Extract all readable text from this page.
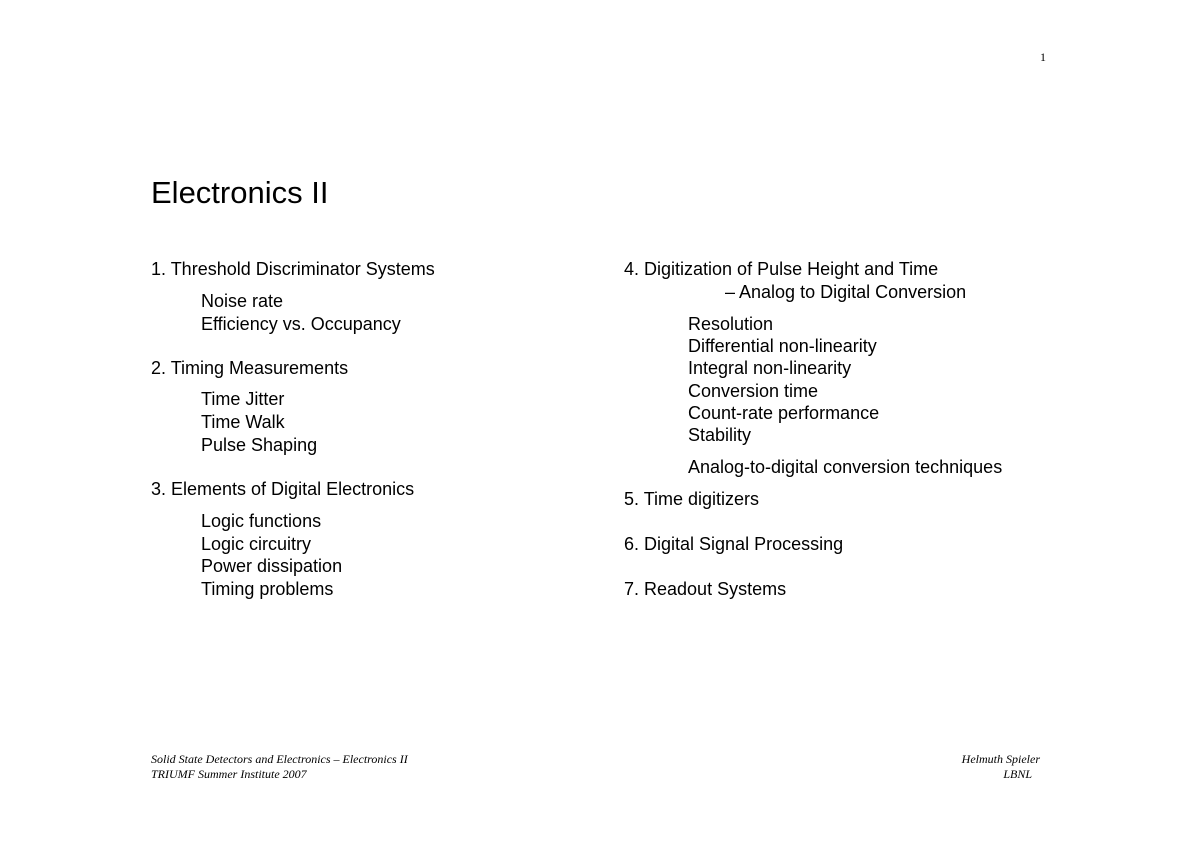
1
Electronics II
1. Threshold Discriminator Systems
Noise rate
Efficiency vs. Occupancy
2. Timing Measurements
Time Jitter
Time Walk
Pulse Shaping
3. Elements of Digital Electronics
Logic functions
Logic circuitry
Power dissipation
Timing problems
4. Digitization of Pulse Height and Time
– Analog to Digital Conversion
Resolution
Differential non-linearity
Integral non-linearity
Conversion time
Count-rate performance
Stability
Analog-to-digital conversion techniques
5. Time digitizers
6. Digital Signal Processing
7. Readout Systems
Solid State Detectors and Electronics – Electronics II
TRIUMF Summer Institute 2007
Helmuth Spieler
LBNL
